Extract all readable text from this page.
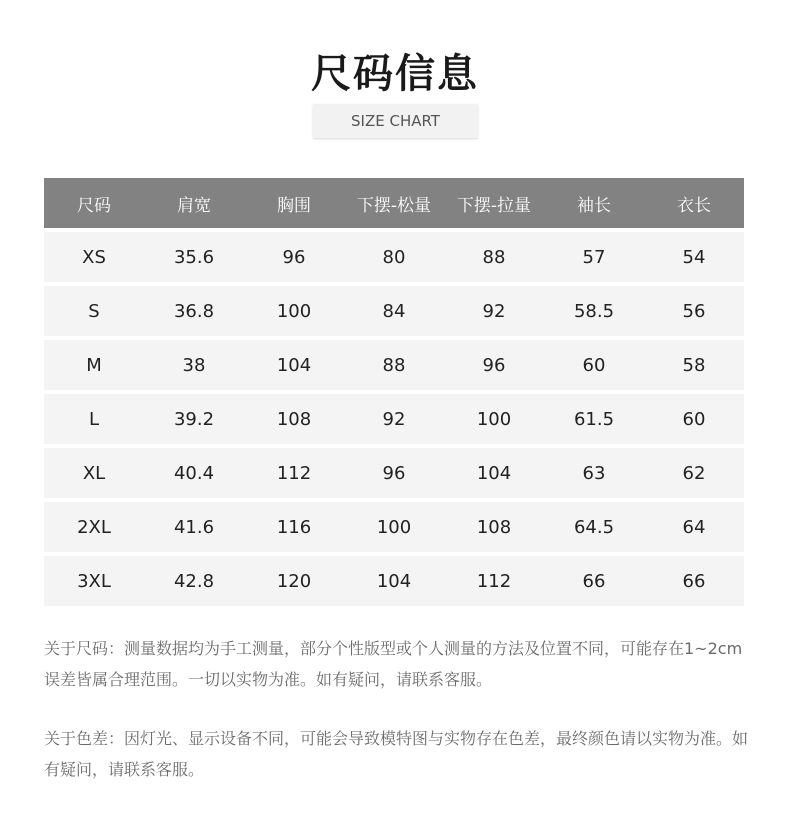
尺码信息
SIZE CHART
尺码	肩宽	胸围	下摆-松量	下摆-拉量	袖长	衣长
XS	35.6	96	80	88	57	54
S	36.8	100	84	92	58.5	56
M	38	104	88	96	60	58
L	39.2	108	92	100	61.5	60
XL	40.4	112	96	104	63	62
2XL	41.6	116	100	108	64.5	64
3XL	42.8	120	104	112	66	66
关于尺码：测量数据均为手工测量，部分个性版型或个人测量的方法及位置不同，可能存在1~2cm误差皆属合理范围。一切以实物为准。如有疑问，请联系客服。
关于色差：因灯光、显示设备不同，可能会导致模特图与实物存在色差，最终颜色请以实物为准。如有疑问，请联系客服。
